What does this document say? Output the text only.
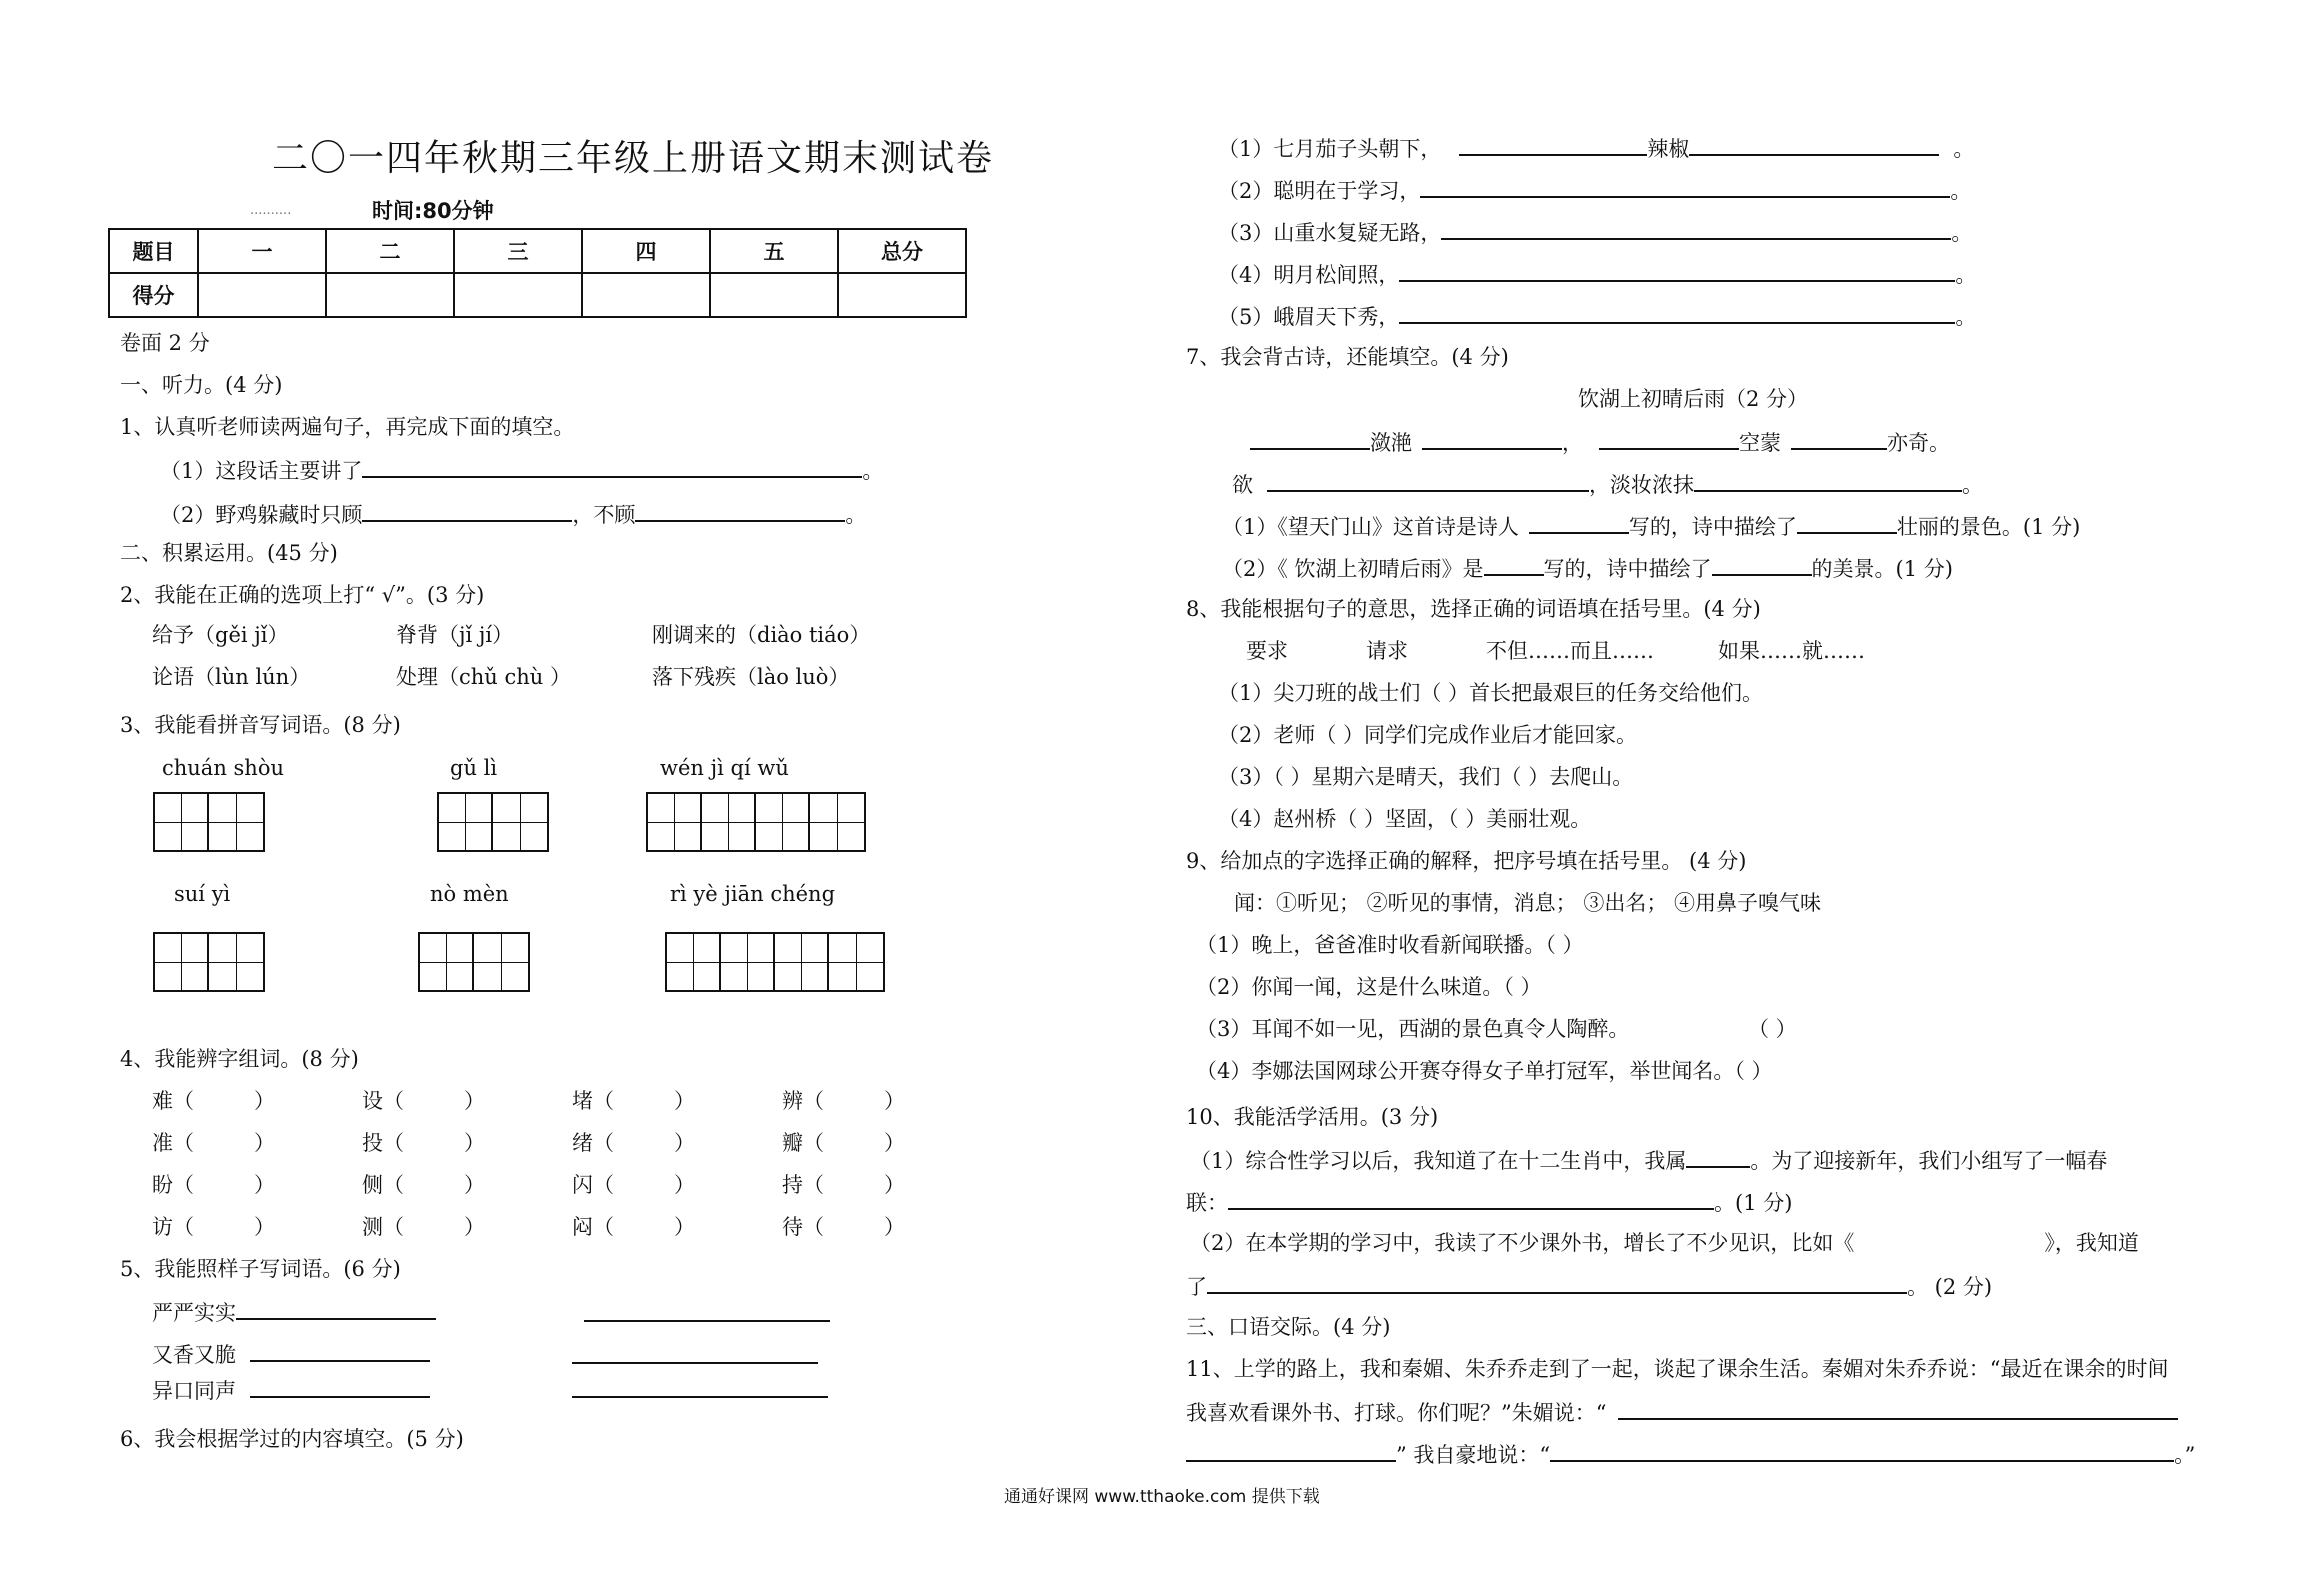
二〇一四年秋期三年级上册语文期末测试卷
..........	时间:80分钟
题目	一	二	三	四	五	总分
得分						
卷面 2 分
一、听力。(4 分)
1、认真听老师读两遍句子，再完成下面的填空。
（1）这段话主要讲了	。
（2）野鸡躲藏时只顾	，不顾	。
二、积累运用。(45 分)
2、我能在正确的选项上打“ √”。(3 分)
给予（gěi jǐ）	脊背（jǐ jí）	刚调来的（diào tiáo）
论语（lùn lún）	处理（chǔ chù ）	落下残疾（lào luò）
3、我能看拼音写词语。(8 分)
chuán shòu	gǔ lì	wén jì qí wǔ
suí yì	nò mèn	rì yè jiān chéng
4、我能辨字组词。(8 分)
难（	）	设（	）	堵（	）	辨（	）
准（	）	投（	）	绪（	）	瓣（	）
盼（	）	侧（	）	闪（	）	持（	）
访（	）	测（	）	闷（	）	待（	）
5、我能照样子写词语。(6 分)
严严实实
又香又脆
异口同声
6、我会根据学过的内容填空。(5 分)
（1）七月茄子头朝下，	辣椒	。
（2）聪明在于学习，	。
（3）山重水复疑无路，	。
（4）明月松间照，	。
（5）峨眉天下秀，	。
7、我会背古诗，还能填空。(4 分)
饮湖上初晴后雨（2 分）
潋滟	，	空蒙	亦奇。
欲	，淡妆浓抹	。
（1）《望天门山》这首诗是诗人	写的，诗中描绘了	壮丽的景色。(1 分)
（2）《 饮湖上初晴后雨》是	写的，诗中描绘了	的美景。(1 分)
8、我能根据句子的意思，选择正确的词语填在括号里。(4 分)
要求	请求	不但……而且……	如果……就……
（1）尖刀班的战士们（ ）首长把最艰巨的任务交给他们。
（2）老师（ ）同学们完成作业后才能回家。
（3）（ ）星期六是晴天，我们（ ）去爬山。
（4）赵州桥（ ）坚固，（ ）美丽壮观。
9、给加点的字选择正确的解释，把序号填在括号里。 (4 分)
闻：①听见； ②听见的事情，消息； ③出名； ④用鼻子嗅气味
（1）晚上，爸爸准时收看新闻联播。（ ）
（2）你闻一闻，这是什么味道。（ ）
（3）耳闻不如一见，西湖的景色真令人陶醉。	（ ）
（4）李娜法国网球公开赛夺得女子单打冠军，举世闻名。（ ）
10、我能活学活用。(3 分)
（1）综合性学习以后，我知道了在十二生肖中，我属	。为了迎接新年，我们小组写了一幅春
联：	。(1 分)
（2）在本学期的学习中，我读了不少课外书，增长了不少见识，比如《	》，我知道
了	。 (2 分)
三、口语交际。(4 分)
11、上学的路上，我和秦媚、朱乔乔走到了一起，谈起了课余生活。秦媚对朱乔乔说：“最近在课余的时间
我喜欢看课外书、打球。你们呢？”朱媚说：“
” 我自豪地说：“	。”
通通好课网 www.tthaoke.com 提供下载
